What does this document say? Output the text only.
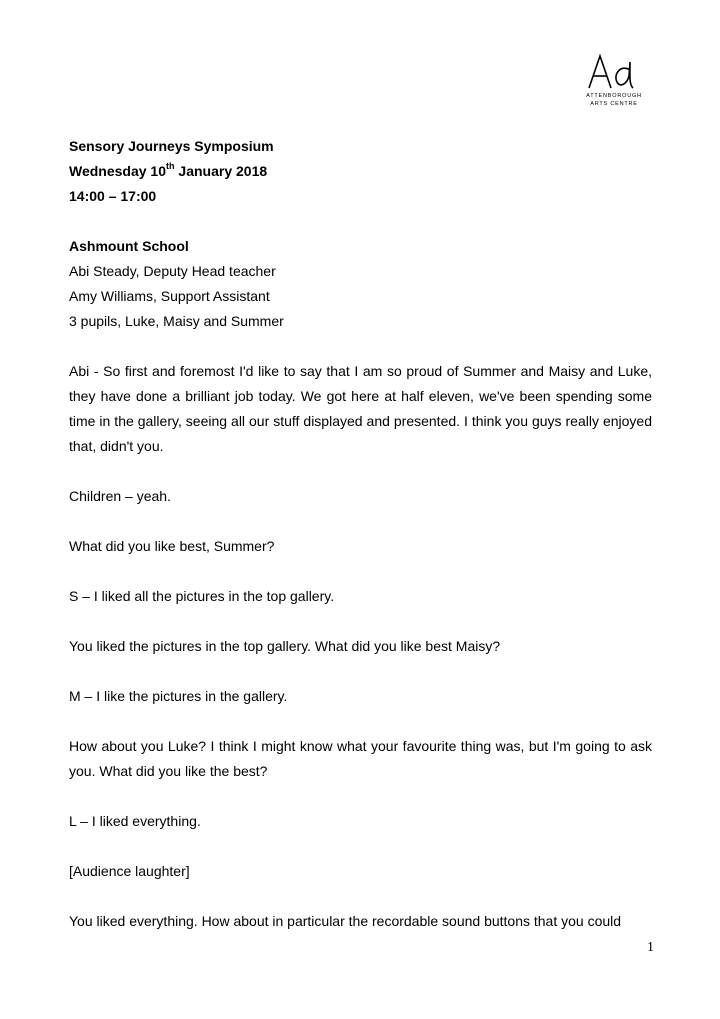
ATTENBOROUGH
ARTS CENTRE
Sensory Journeys Symposium
Wednesday 10th January 2018
14:00 – 17:00
Ashmount School
Abi Steady, Deputy Head teacher
Amy Williams, Support Assistant
3 pupils, Luke, Maisy and Summer
Abi - So first and foremost I'd like to say that I am so proud of Summer and Maisy and Luke, they have done a brilliant job today. We got here at half eleven, we've been spending some time in the gallery, seeing all our stuff displayed and presented. I think you guys really enjoyed that, didn't you.
Children – yeah.
What did you like best, Summer?
S – I liked all the pictures in the top gallery.
You liked the pictures in the top gallery. What did you like best Maisy?
M – I like the pictures in the gallery.
How about you Luke? I think I might know what your favourite thing was, but I'm going to ask you. What did you like the best?
L – I liked everything.
[Audience laughter]
You liked everything. How about in particular the recordable sound buttons that you could
1
